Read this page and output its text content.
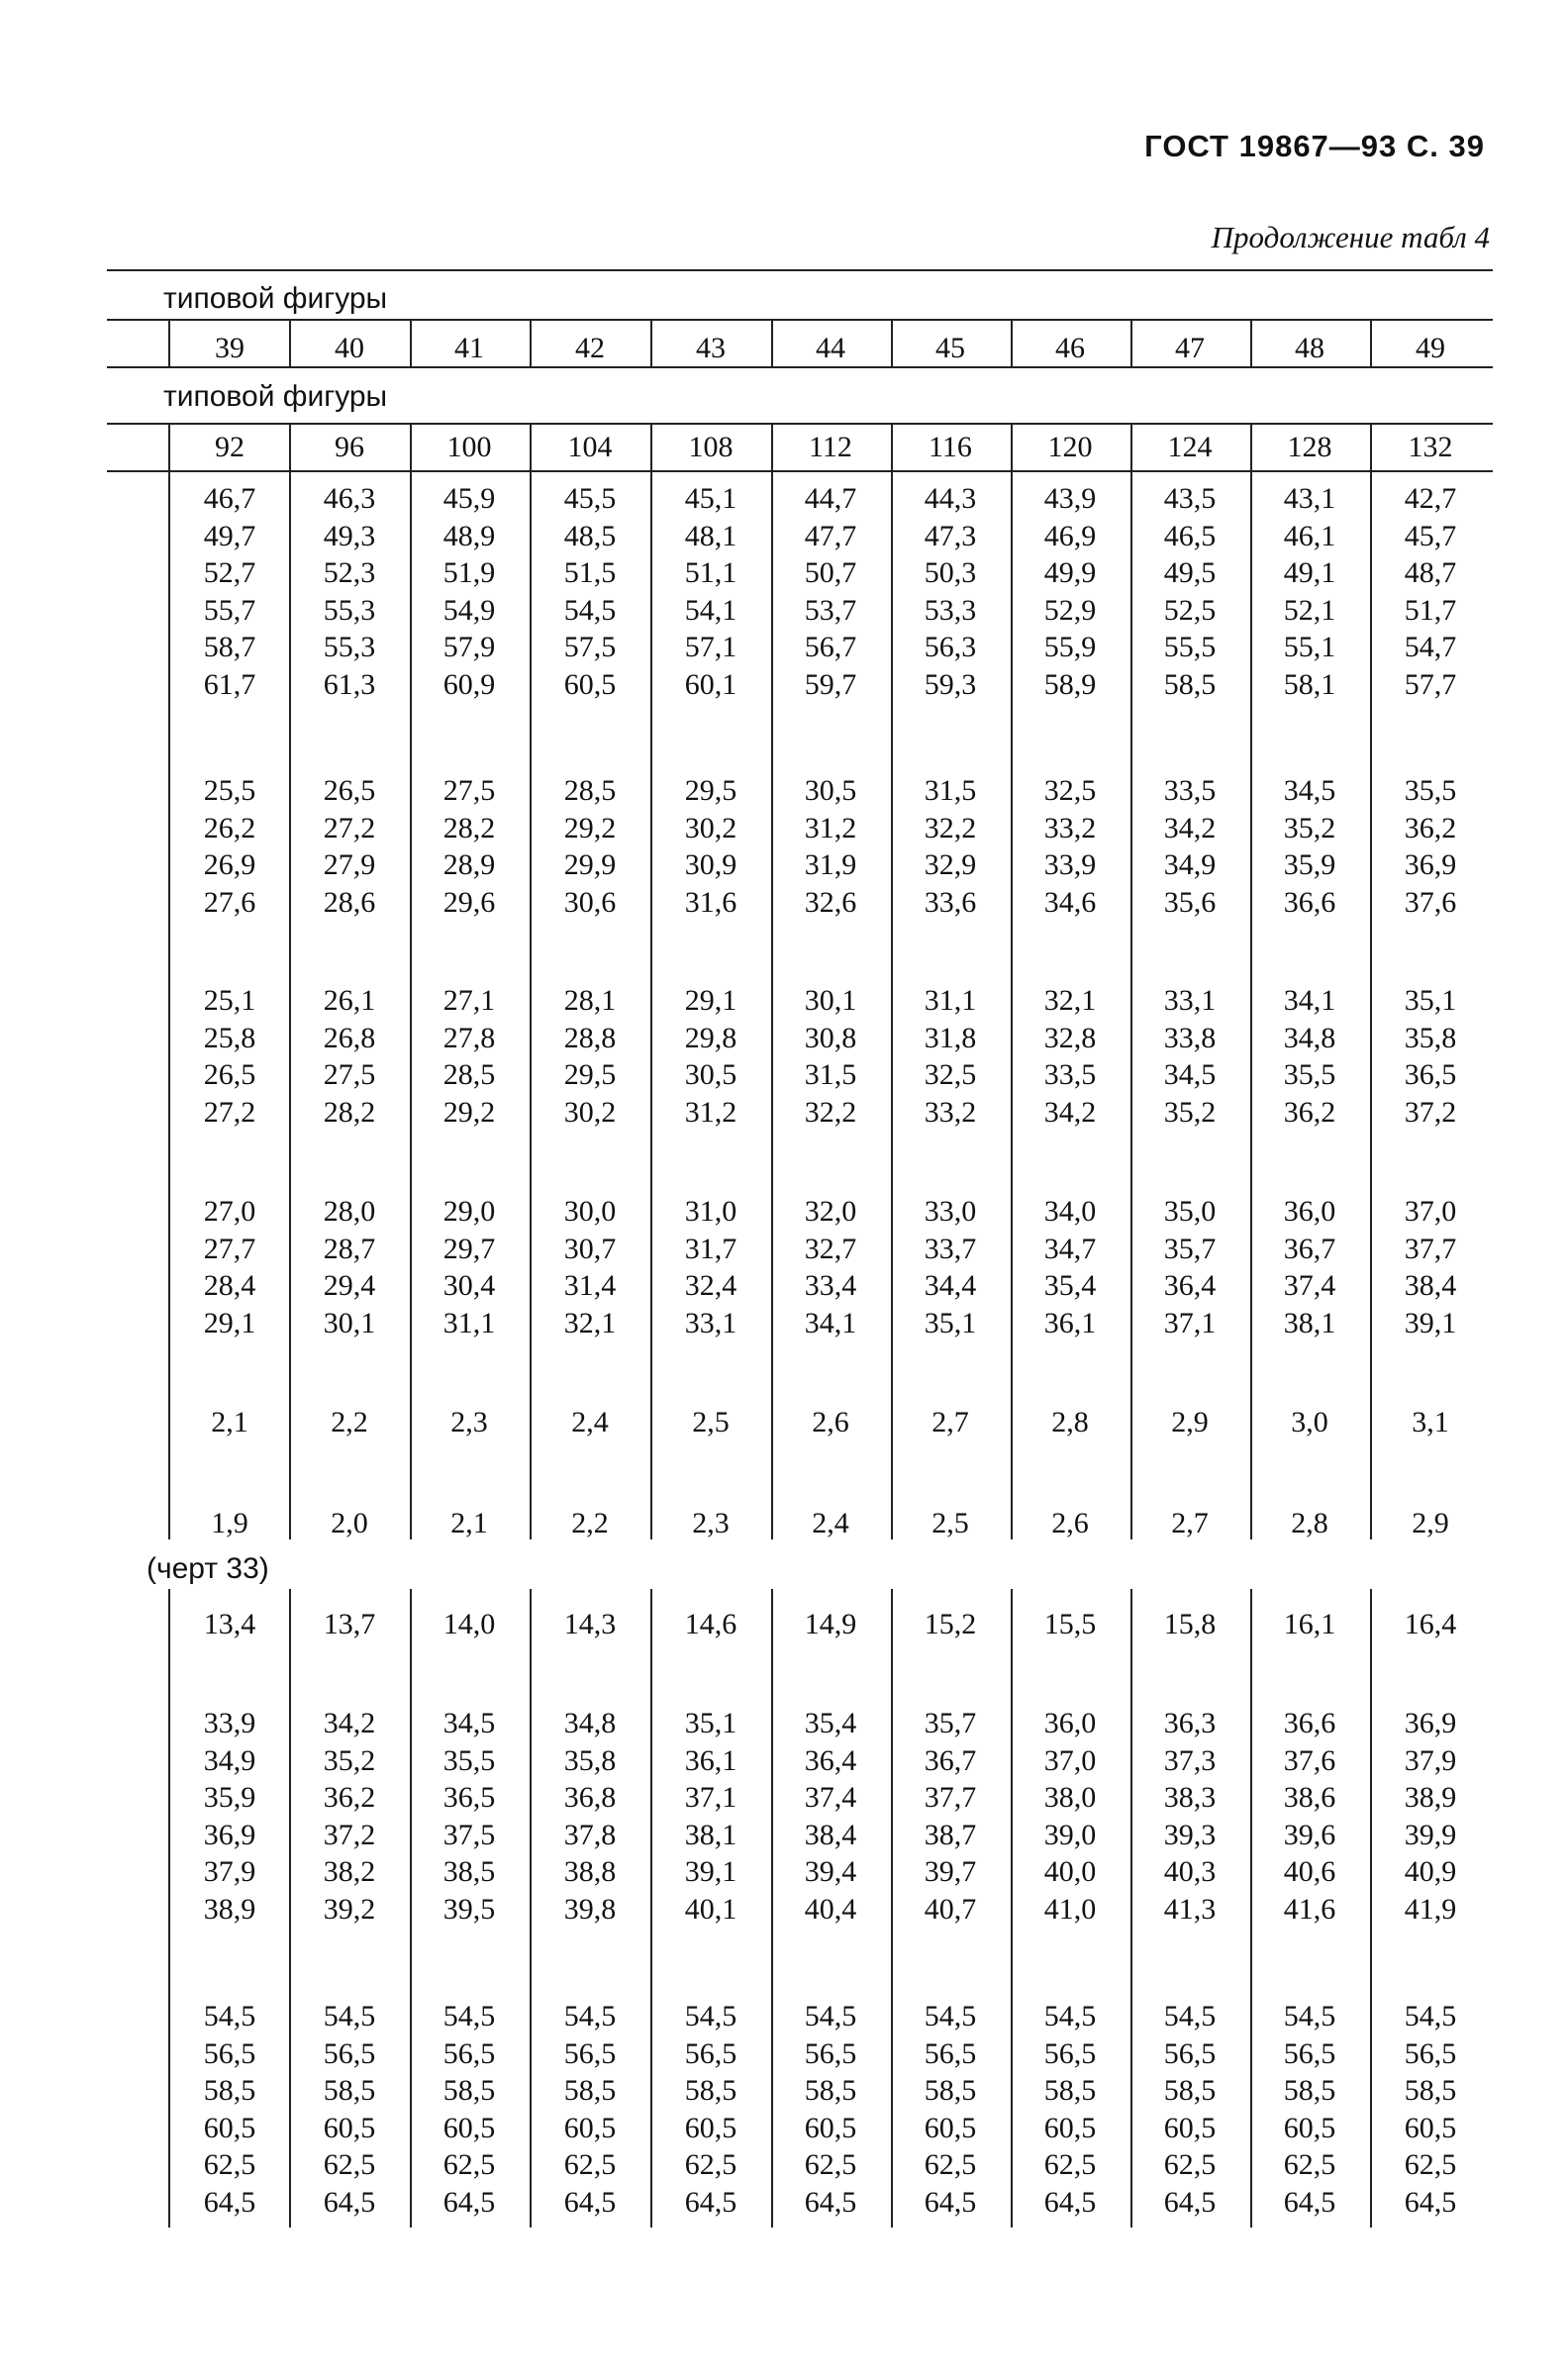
ГОСТ 19867—93 С. 39
Продолжение табл 4
типовой фигуры
типовой фигуры
39	40	41	42	43	44	45	46	47	48	49
92	96	100	104	108	112	116	120	124	128	132
(черт 33)
46,7	46,3	45,9	45,5	45,1	44,7	44,3	43,9	43,5	43,1	42,7
49,7	49,3	48,9	48,5	48,1	47,7	47,3	46,9	46,5	46,1	45,7
52,7	52,3	51,9	51,5	51,1	50,7	50,3	49,9	49,5	49,1	48,7
55,7	55,3	54,9	54,5	54,1	53,7	53,3	52,9	52,5	52,1	51,7
58,7	55,3	57,9	57,5	57,1	56,7	56,3	55,9	55,5	55,1	54,7
61,7	61,3	60,9	60,5	60,1	59,7	59,3	58,9	58,5	58,1	57,7
25,5	26,5	27,5	28,5	29,5	30,5	31,5	32,5	33,5	34,5	35,5
26,2	27,2	28,2	29,2	30,2	31,2	32,2	33,2	34,2	35,2	36,2
26,9	27,9	28,9	29,9	30,9	31,9	32,9	33,9	34,9	35,9	36,9
27,6	28,6	29,6	30,6	31,6	32,6	33,6	34,6	35,6	36,6	37,6
25,1	26,1	27,1	28,1	29,1	30,1	31,1	32,1	33,1	34,1	35,1
25,8	26,8	27,8	28,8	29,8	30,8	31,8	32,8	33,8	34,8	35,8
26,5	27,5	28,5	29,5	30,5	31,5	32,5	33,5	34,5	35,5	36,5
27,2	28,2	29,2	30,2	31,2	32,2	33,2	34,2	35,2	36,2	37,2
27,0	28,0	29,0	30,0	31,0	32,0	33,0	34,0	35,0	36,0	37,0
27,7	28,7	29,7	30,7	31,7	32,7	33,7	34,7	35,7	36,7	37,7
28,4	29,4	30,4	31,4	32,4	33,4	34,4	35,4	36,4	37,4	38,4
29,1	30,1	31,1	32,1	33,1	34,1	35,1	36,1	37,1	38,1	39,1
2,1	2,2	2,3	2,4	2,5	2,6	2,7	2,8	2,9	3,0	3,1
1,9	2,0	2,1	2,2	2,3	2,4	2,5	2,6	2,7	2,8	2,9
13,4	13,7	14,0	14,3	14,6	14,9	15,2	15,5	15,8	16,1	16,4
33,9	34,2	34,5	34,8	35,1	35,4	35,7	36,0	36,3	36,6	36,9
34,9	35,2	35,5	35,8	36,1	36,4	36,7	37,0	37,3	37,6	37,9
35,9	36,2	36,5	36,8	37,1	37,4	37,7	38,0	38,3	38,6	38,9
36,9	37,2	37,5	37,8	38,1	38,4	38,7	39,0	39,3	39,6	39,9
37,9	38,2	38,5	38,8	39,1	39,4	39,7	40,0	40,3	40,6	40,9
38,9	39,2	39,5	39,8	40,1	40,4	40,7	41,0	41,3	41,6	41,9
54,5	54,5	54,5	54,5	54,5	54,5	54,5	54,5	54,5	54,5	54,5
56,5	56,5	56,5	56,5	56,5	56,5	56,5	56,5	56,5	56,5	56,5
58,5	58,5	58,5	58,5	58,5	58,5	58,5	58,5	58,5	58,5	58,5
60,5	60,5	60,5	60,5	60,5	60,5	60,5	60,5	60,5	60,5	60,5
62,5	62,5	62,5	62,5	62,5	62,5	62,5	62,5	62,5	62,5	62,5
64,5	64,5	64,5	64,5	64,5	64,5	64,5	64,5	64,5	64,5	64,5
